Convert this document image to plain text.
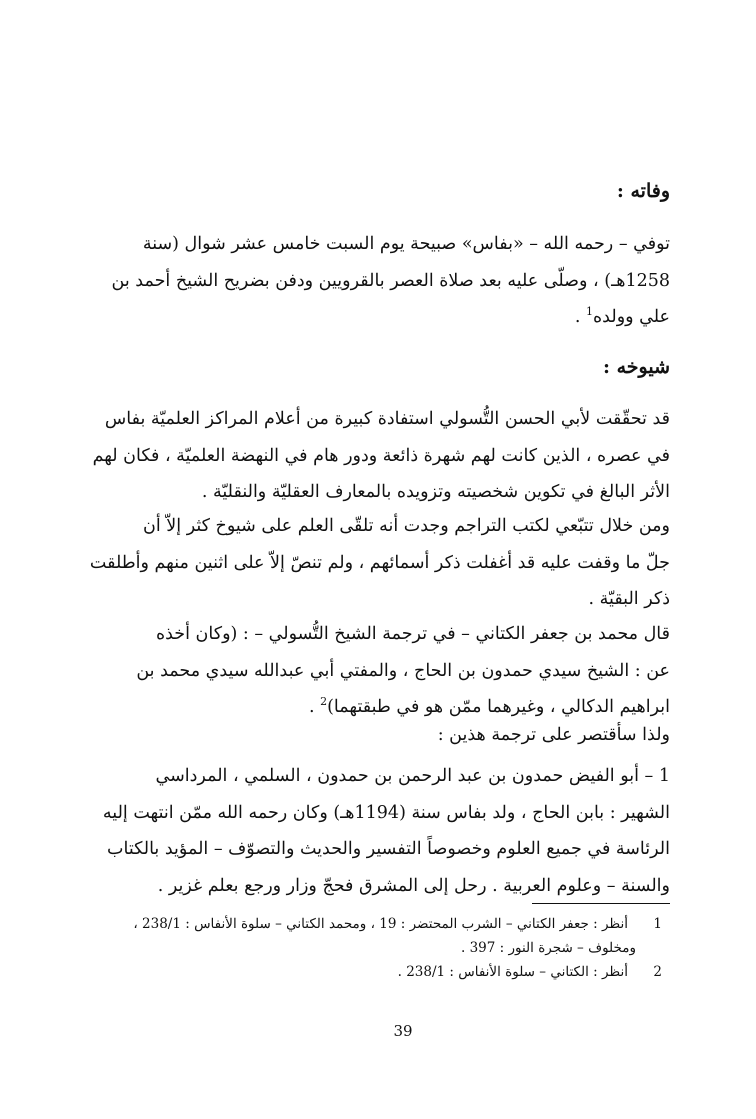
وفاته :

توفي – رحمه الله – «بفاس» صبيحة يوم السبت خامس عشر شوال (سنة
1258هـ) ، وصلّى عليه بعد صلاة العصر بالقرويين ودفن بضريح الشيخ أحمد بن
علي وولده$^1$ .

شيوخه :

قد تحقّقت لأبي الحسن التُّسولي استفادة كبيرة من أعلام المراكز العلميّة بفاس
في عصره ، الذين كانت لهم شهرة ذائعة ودور هام في النهضة العلميّة ، فكان لهم
الأثر البالغ في تكوين شخصيته وتزويده بالمعارف العقليّة والنقليّة .

ومن خلال تتبّعي لكتب التراجم وجدت أنه تلقّى العلم على شيوخ كثر إلاّ أن
جلّ ما وقفت عليه قد أغفلت ذكر أسمائهم ، ولم تنصّ إلاّ على اثنين منهم وأطلقت
ذكر البقيّة .

قال محمد بن جعفر الكتاني – في ترجمة الشيخ التُّسولي – : (وكان أخذه
عن : الشيخ سيدي حمدون بن الحاج ، والمفتي أبي عبدالله سيدي محمد بن
ابراهيم الدكالي ، وغيرهما ممّن هو في طبقتهما)$^2$ .

ولذا سأقتصر على ترجمة هذين :

1 – أبو الفيض حمدون بن عبد الرحمن بن حمدون ، السلمي ، المرداسي
الشهير : بابن الحاج ، ولد بفاس سنة (1194هـ) وكان رحمه الله ممّن انتهت إليه
الرئاسة في جميع العلوم وخصوصاً التفسير والحديث والتصوّف – المؤيد بالكتاب
والسنة – وعلوم العربية . رحل إلى المشرق فحجّ وزار ورجع بعلم غزير .

1
أنظر : جعفر الكتاني – الشرب المحتضر : 19 ، ومحمد الكتاني – سلوة الأنفاس : 238/1 ،
ومخلوف – شجرة النور : 397 .
2
أنظر : الكتاني – سلوة الأنفاس : 238/1 .
39
